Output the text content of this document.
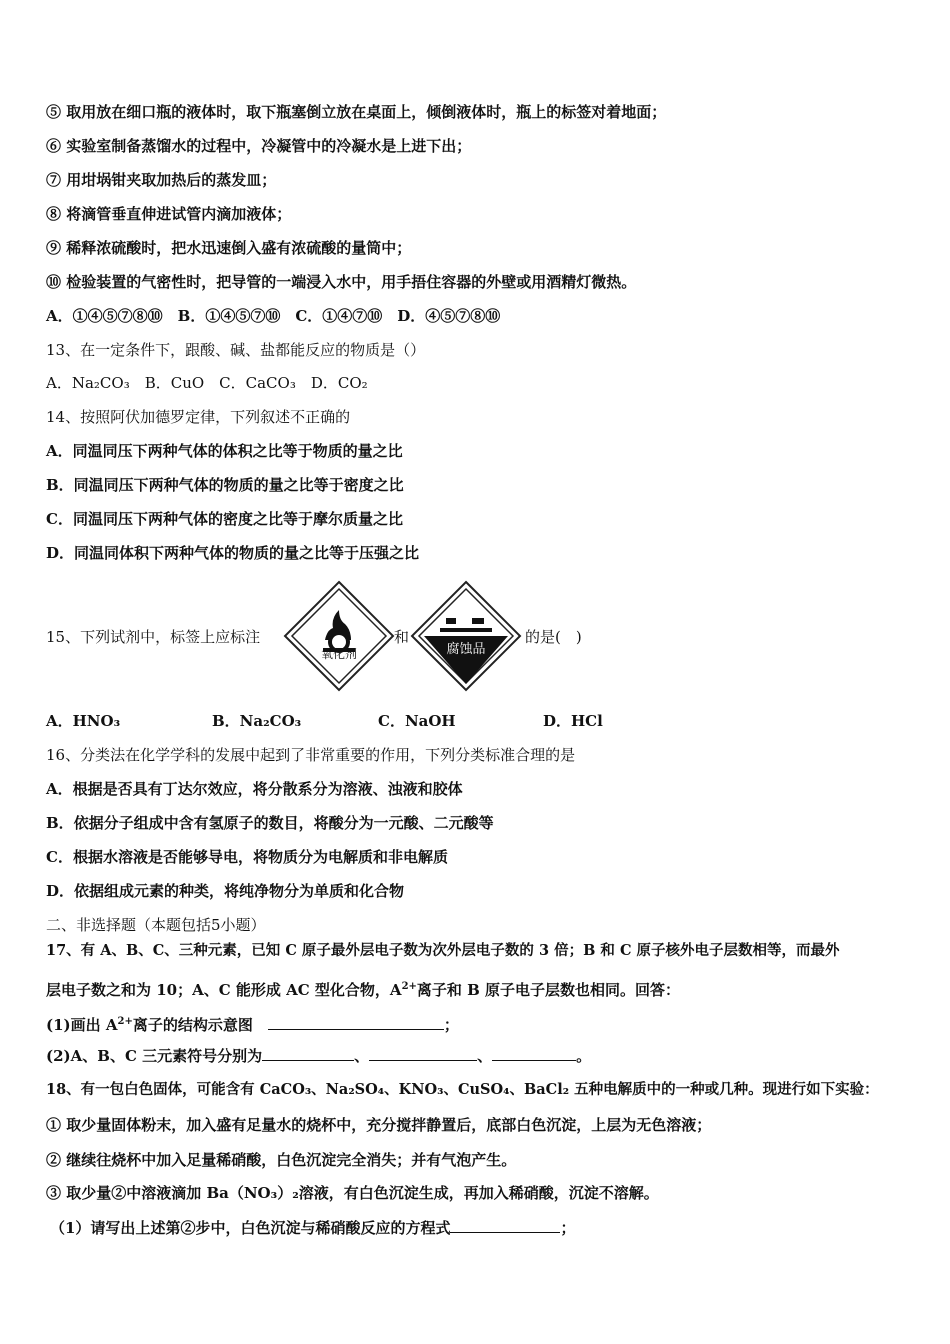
⑤ 取用放在细口瓶的液体时，取下瓶塞倒立放在桌面上，倾倒液体时，瓶上的标签对着地面；
⑥ 实验室制备蒸馏水的过程中，冷凝管中的冷凝水是上进下出；
⑦ 用坩埚钳夹取加热后的蒸发皿；
⑧ 将滴管垂直伸进试管内滴加液体；
⑨ 稀释浓硫酸时，把水迅速倒入盛有浓硫酸的量筒中；
⑩ 检验装置的气密性时，把导管的一端浸入水中，用手捂住容器的外壁或用酒精灯微热。
A．①④⑤⑦⑧⑩　B．①④⑤⑦⑩　C．①④⑦⑩　D．④⑤⑦⑧⑩
13、在一定条件下，跟酸、碱、盐都能反应的物质是（）
A．Na₂CO₃　B．CuO　C．CaCO₃　D．CO₂
14、按照阿伏加德罗定律，下列叙述不正确的
A．同温同压下两种气体的体积之比等于物质的量之比
B．同温同压下两种气体的物质的量之比等于密度之比
C．同温同压下两种气体的密度之比等于摩尔质量之比
D．同温同体积下两种气体的物质的量之比等于压强之比
15、下列试剂中，标签上应标注
氧化剂
和
腐蚀品
的是(　)
A．HNO₃	B．Na₂CO₃	C．NaOH	D．HCl
16、分类法在化学学科的发展中起到了非常重要的作用，下列分类标准合理的是
A．根据是否具有丁达尔效应，将分散系分为溶液、浊液和胶体
B．依据分子组成中含有氢原子的数目，将酸分为一元酸、二元酸等
C．根据水溶液是否能够导电，将物质分为电解质和非电解质
D．依据组成元素的种类，将纯净物分为单质和化合物
二、非选择题（本题包括5小题）
17、有 A、B、C、三种元素，已知 C 原子最外层电子数为次外层电子数的 3 倍；B 和 C 原子核外电子层数相等，而最外
层电子数之和为 10；A、C 能形成 AC 型化合物，$A^{2+}$离子和 B 原子电子层数也相同。回答：
(1)画出 $A^{2+}$离子的结构示意图　	；
(2)A、B、C 三元素符号分别为	、	、	。
18、有一包白色固体，可能含有 CaCO₃、Na₂SO₄、KNO₃、CuSO₄、BaCl₂ 五种电解质中的一种或几种。现进行如下实验：
① 取少量固体粉末，加入盛有足量水的烧杯中，充分搅拌静置后，底部白色沉淀，上层为无色溶液；
② 继续往烧杯中加入足量稀硝酸，白色沉淀完全消失；并有气泡产生。
③ 取少量②中溶液滴加 Ba（NO₃）₂溶液，有白色沉淀生成，再加入稀硝酸，沉淀不溶解。
（1）请写出上述第②步中，白色沉淀与稀硝酸反应的方程式	；
